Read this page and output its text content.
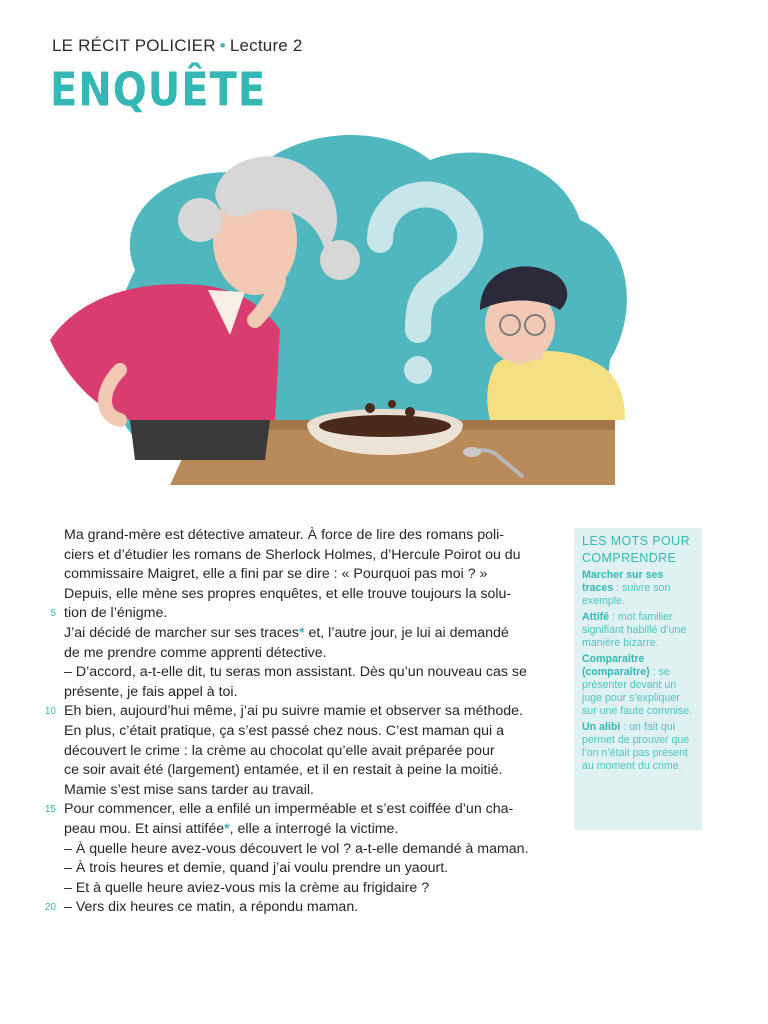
LE RÉCIT POLICIER • Lecture 2
ENQUÊTE

Ma grand-mère est détective amateur. À force de lire des romans poli-
ciers et d’étudier les romans de Sherlock Holmes, d’Hercule Poirot ou du
commissaire Maigret, elle a fini par se dire : « Pourquoi pas moi ? »
Depuis, elle mène ses propres enquêtes, et elle trouve toujours la solu-
5 tion de l’énigme.
J’ai décidé de marcher sur ses traces* et, l’autre jour, je lui ai demandé
de me prendre comme apprenti détective.
– D’accord, a-t-elle dit, tu seras mon assistant. Dès qu’un nouveau cas se
présente, je fais appel à toi.
10 Eh bien, aujourd’hui même, j’ai pu suivre mamie et observer sa méthode.
En plus, c’était pratique, ça s’est passé chez nous. C’est maman qui a
découvert le crime : la crème au chocolat qu’elle avait préparée pour
ce soir avait été (largement) entamée, et il en restait à peine la moitié.
Mamie s’est mise sans tarder au travail.
15 Pour commencer, elle a enfilé un imperméable et s’est coiffée d’un cha-
peau mou. Et ainsi attifée*, elle a interrogé la victime.
– À quelle heure avez-vous découvert le vol ? a-t-elle demandé à maman.
– À trois heures et demie, quand j’ai voulu prendre un yaourt.
– Et à quelle heure aviez-vous mis la crème au frigidaire ?
20 – Vers dix heures ce matin, a répondu maman.

LES MOTS POUR
COMPRENDRE
Marcher sur ses traces : suivre son exemple.
Attifé : mot familier signifiant habillé d’une manière bizarre.
Comparaître (comparaître) : se présenter devant un juge pour s’expliquer sur une faute commise.
Un alibi : un fait qui permet de prouver que l’on n’était pas présent au moment du crime.
